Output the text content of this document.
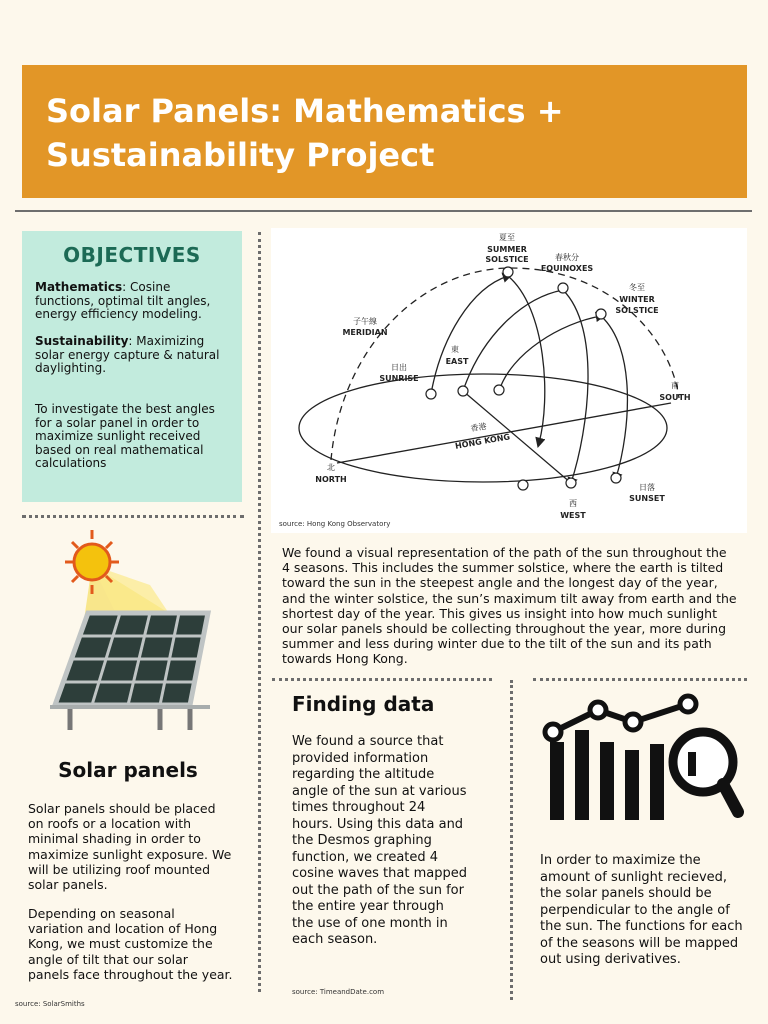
Solar Panels: Mathematics + Sustainability Project
OBJECTIVES

Mathematics: Cosine functions, optimal tilt angles, energy efficiency modeling.

Sustainability: Maximizing solar energy capture & natural daylighting.

To investigate the best angles for a solar panel in order to maximize sunlight received based on real mathematical calculations

夏至
SUMMER
SOLSTICE	春秋分
EQUINOXES
冬至
WINTER
SOLSTICE
子午線
MERIDIAN
東
EAST
日出
SUNRISE
南
SOUTH
香港
HONG KONG
北
NORTH
西
WEST
日落
SUNSET
source: Hong Kong Observatory
We found a visual representation of the path of the sun throughout the 4 seasons. This includes the summer solstice, where the earth is tilted toward the sun in the steepest angle and the longest day of the year, and the winter solstice, the sun’s maximum tilt away from earth and the shortest day of the year. This gives us insight into how much sunlight our solar panels should be collecting throughout the year, more during summer and less during winter due to the tilt of the sun and its path towards Hong Kong.
Solar panels
Solar panels should be placed on roofs or a location with minimal shading in order to maximize sunlight exposure. We will be utilizing roof mounted solar panels.
Depending on seasonal variation and location of Hong Kong, we must customize the angle of tilt that our solar panels face throughout the year.
source: SolarSmiths
Finding data
We found a source that provided information regarding the altitude angle of the sun at various times throughout 24 hours. Using this data and the Desmos graphing function, we created 4 cosine waves that mapped out the path of the sun for the entire year through the use of one month in each season.
source: TimeandDate.com
In order to maximize the amount of sunlight recieved, the solar panels should be perpendicular to the angle of the sun. The functions for each of the seasons will be mapped out using derivatives.
